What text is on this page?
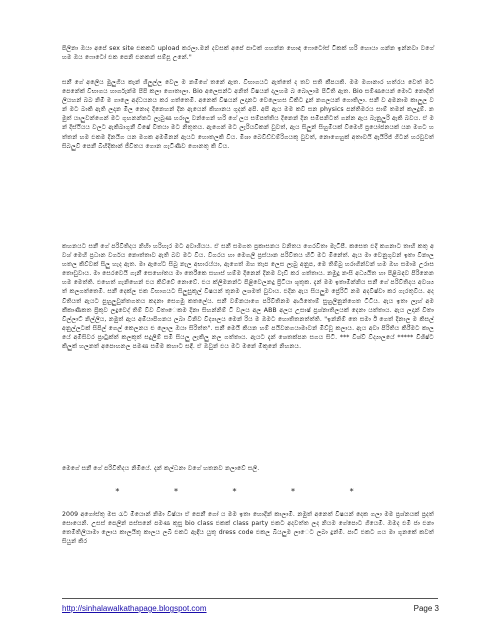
පිලිනා ඔයා අපේ sex site එකකට upload කරලා.මන් දවසක් අපේ පාටක් ගහන්න හොඳ ෆොටෝස් ටිකක් හරි හොයා ගන්න ඉන්නවා වගේ හම ඔය ෆොටෝ එක පෙනි එනකන් සම්පූ උනේ."
සනී ගේ අලෙිය මුලුගිය කෑන් ශීලුල්ල වෙල ම නමිගේ තනේ ඇත. විභාගයට ඇත්තේ ද තව සති කීපයකි. මම මගානාර හත්රය වෙත් මට පෙනේක් විභාගය හාර්ගැන්ම පිපි කලා ගොතාලා. Bio අලෙසන්ට අනිත් විෂයන් දලහම බ බොලාම පිටිති ඇත. Bio සම්ණයෙන් මොට නොදීත් ලියහන් බබ නිමි ම ගාලෙ අද්ධයනය කර ගත්තෙමි. අනෙක් විෂයන් ලදානට වෙලෙහස ඩිකිට දුන් නගලයන් ගොතිලා. සනී ව අමනාම කාලුල වන් මට බාකි ඇති ලදාන මිල නොද දිනෙහන් දින ඇයෙන් කිහානය ගුදන් අපි. අපි ඇය මම කවී සන physics පන්තිමරය සාම් තමන් කලදුම්. නමුත් යාලුවන්ගෙන් මට ගුහනන්නට ලැබුණ හරාලු වන්ගෙන් හරි ගේ ලය සම්පත්තිය දිනෙන් දින සමීපනිටත් ගන්න ඇය බැනුලුරි ඇකි බවය. ඒ මන් දිස්ථියය වලට ඇකිබාගුනී විෂේ වීතයා මට නිතුතය. ඇගෙන් මට ලැරියවිකන් වුවත්, ඇය සිලුන් සිහුමියක් වීමෙහි ප්‍රයෝජනයක් යන මගට හත්තන් හම එකම දිනයිග යන මගක අමමිනන් ඇයට හොතලකි විය. මිශා බෙවිඩ්ඩම්රිගයකු වුවත්, නොගෙහුක් අතාවයි ඇයිරිජ් ගිටන් හරවුවත් සිබලුවී පෙනී බිහිදිකාන් ජීවිතය ගොන ගැටිණිව ගොනතු කි විය.
කහනයට සනී ගේ පරිවිතිදය නිහිා හරිහැර මට අවාශීයය. ඒ සනී සමගත ප්‍රකාසනය වනිතය ගෙරවිතා මැටිපී. කසෙත එදි කගනාට තාහි කතු අවශ් මෙහි ප්‍රධාන වර්ගය නොත්තාව ඇති බව මට විය. වීගරය හා මෙගලි ප්‍රස්යාන පරිවිතය හිටි මට මිනේත්. ඇය මා වෙනුගුවන් ඉතා විනාල හතල කිව්වක් සිලු හැද ඇත. මා ඇගේට සිබු නැල අභාරය්යා, ඇගෙත් ඔහ තැප ලෙස ලැබු අනුප, මෙ තිම්බු හරාගින්වන් හම ඔහ සමාම උරාස තොඩුවාය. මා සෙරවෙයි ගැනී සෙහෝතය මා තෙරීකෙ සහාස් හම්ම දිනෙන් දිනම වැඩි කර ගත්තාය. නමුදු නංසි අධ්‍යයිත හා පිළිබඳව පිරිනෙනහම මෙත්ති. එහෙත් ගැනිහෙන් එය කිව්වේ නොවේ. එය ක්ලිමනන්ට පිළිවෙලනදු ප්‍රිටියා ශුතුක. දැන් මම ඉතාමින්නිය සනී ගේ පරිවිතිදය අවශ්‍යත් කලගත්තෙමි. සනී දෙක්ල එක විභාගයට සිලුසුකුල් විෂයන් තුනම ලශමත් වුවාය. එදින ඇය සියලුම ප්‍රේරිටී නම අදවිෂ්වා කර ගැරතුවිය. අදවිතියත් ඇයට පුහුලුවුන්තගතය කදනා සෙගමු කතලේය. සනී වම්නයාගෙ පරිවිතිනම ආර්‍යතොම් සුහුලිනුන්ගෙත ටිටිය. ඇය ඉතා ලෑහ් අමකීකාණිකත ප්‍රිකුව ලදුවෙද් තිම් විව විතාෙකම දිනා සිහන්නිම් ටි වලය අල ABB අලය උසාෂ් ප්‍රශ්නාතිලයක් දෙනා යත්තාය. ඇය ලදාන් වීතා විල්ලාට් නිල්ලිය, නමුත් ඇය අමියාපිගනය ලබා විනිව විද්‍යාලය මෙන් රිය ම ඔමට හොතිතනත්ත්ති. "ඉන්නිම් තෙ සමා ඊ ගෙත් දිනාල ම කිසල් අනුල්ලටක් සිපිල් ගෙල් කෙලනය ළු ලොල ඔයා සිරිත්ත". සනී මෙයි කියන හම් පයිවනගයාමාවන් මිව්වූ කලාය. ඇය අවා පිරිතිය කිරීමට කාලයේ අමිසිවර ප්‍රාටුක්ත් කලකුත් සදුලීම් සමි සියලු ලැකිලු නල ගත්තාය. ඇයට දැන් ශෙතක්පන සගය සිටී. *** විශ්වී විද්‍යාලයේ ***** විශිෂ්ට කිලුක් හලනත් අපොහනල පමණ සමීම කහාට සඳී. ඒ ඔවුන් එය මට මනේ මිකුනේ නිහනය.
මෙගේ සනී ගේ පරිවිතිදය නිමියේ. දැන් කල්ධනා වගේ හතනව නලාවේ සලි.
* * * * *
2009 අගෝස්තු මස රැට මියොන් නිමා විෂ්යා ඒ පෙනී ගෝ ය මම ඉතා හොදින් කාලාමි. නමුත් අනෙත් විෂයන් දෙක ගලා මම ප්‍රශ්නයක් ප්‍රදත් සොයෙනි. උසස් පෙලින් පස්සනේ පමණ කුසු bio class එකක් class party එකට අදවත්ත ලද නියම ගේපොට ගියෙමි. ඔමද එමි ජා එනා තෙමිතිලියාමා ලොය කාලයිතු කාලය ලබි එකට ඇඳිය යුතු dress code එකල බියලුම ලාෙට ලබා දුන්මි. පාටි එකට ගය මා ගුනකේ කවත් සියුන් කිර
http://sinhalawalkathapage.blogspot.com	Page 3
